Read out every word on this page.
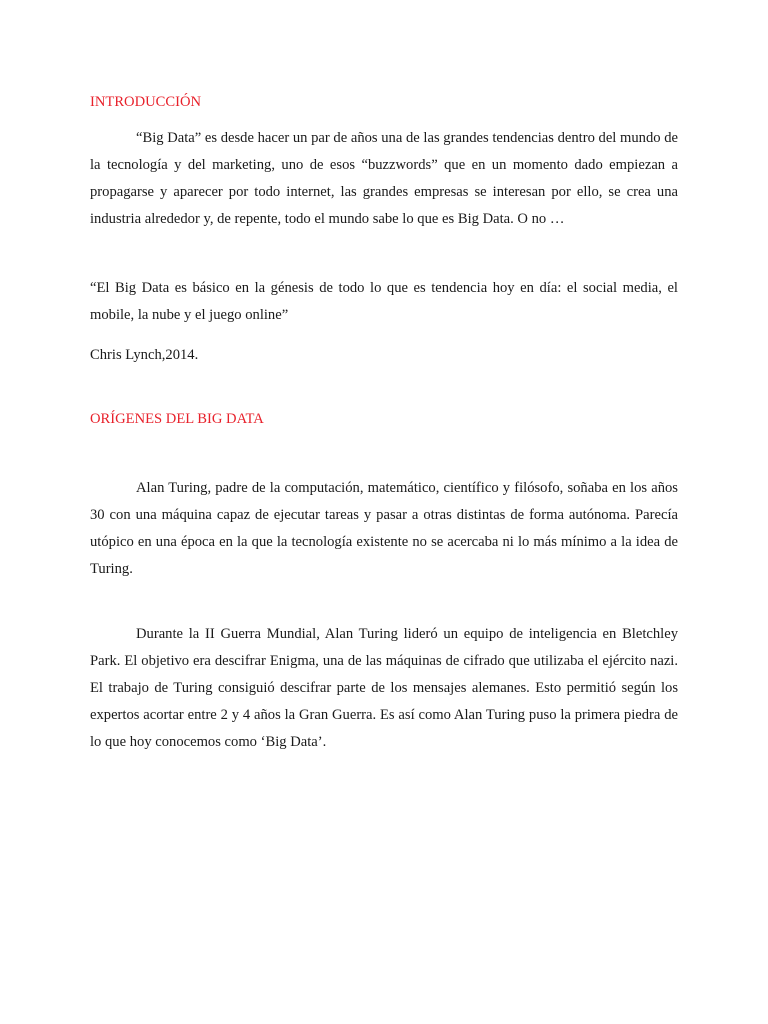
INTRODUCCIÓN

“Big Data” es desde hacer un par de años una de las grandes tendencias dentro del mundo de la tecnología y del marketing, uno de esos “buzzwords” que en un momento dado empiezan a propagarse y aparecer por todo internet, las grandes empresas se interesan por ello, se crea una industria alrededor y, de repente, todo el mundo sabe lo que es Big Data. O no …

“El Big Data es básico en la génesis de todo lo que es tendencia hoy en día: el social media, el mobile, la nube y el juego online”

Chris Lynch,2014.

ORÍGENES DEL BIG DATA

Alan Turing, padre de la computación, matemático, científico y filósofo, soñaba en los años 30 con una máquina capaz de ejecutar tareas y pasar a otras distintas de forma autónoma. Parecía utópico en una época en la que la tecnología existente no se acercaba ni lo más mínimo a la idea de Turing.

Durante la II Guerra Mundial, Alan Turing lideró un equipo de inteligencia en Bletchley Park. El objetivo era descifrar Enigma, una de las máquinas de cifrado que utilizaba el ejército nazi. El trabajo de Turing consiguió descifrar parte de los mensajes alemanes. Esto permitió según los expertos acortar entre 2 y 4 años la Gran Guerra. Es así como Alan Turing puso la primera piedra de lo que hoy conocemos como ‘Big Data’.
